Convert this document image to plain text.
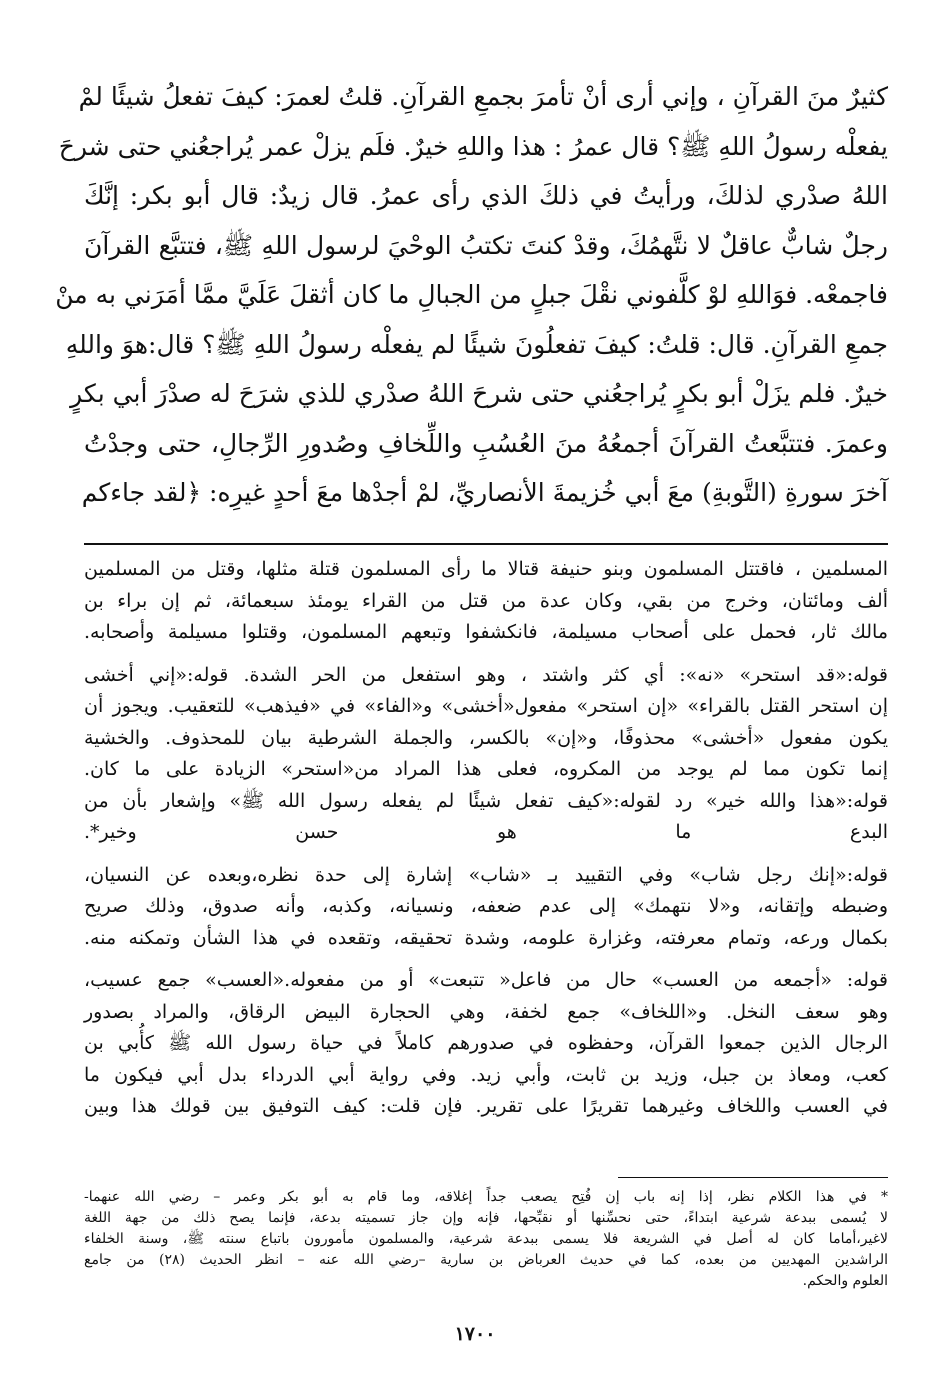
كثيرٌ منَ القرآنِ ، وإني أرى أنْ تأمرَ بجمعِ القرآنِ. قلتُ لعمرَ: كيفَ تفعلُ شيئًا لمْ
يفعلْه رسولُ اللهِ ﷺ؟ قال عمرُ : هذا واللهِ خيرٌ. فلَم يزلْ عمر يُراجعُني حتى شرحَ
اللهُ صدْري لذلكَ، ورأيتُ في ذلكَ الذي رأى عمرُ. قال زيدٌ: قال أبو بكر: إنَّكَ
رجلٌ شابٌّ عاقلٌ لا نتَّهمُكَ، وقدْ كنتَ تكتبُ الوحْيَ لرسول اللهِ ﷺ، فتتبَّع القرآنَ
فاجمعْه. فوَاللهِ لوْ كلَّفوني نقْلَ جبلٍ من الجبالِ ما كان أثقلَ عَلَيَّ ممَّا أمَرَني به منْ
جمعِ القرآنِ. قال: قلتُ: كيفَ تفعلُونَ شيئًا لم يفعلْه رسولُ اللهِ ﷺ؟ قال:هوَ واللهِ
خيرٌ. فلم يزَلْ أبو بكرٍ يُراجعُني حتى شرحَ اللهُ صدْري للذي شرَحَ له صدْرَ أبي بكرٍ
وعمرَ. فتتبَّعتُ القرآنَ أجمعُهُ منَ العُسُبِ واللِّخافِ وصُدورِ الرِّجالِ، حتى وجدْتُ
آخرَ سورةِ (التَّوبةِ) معَ أبي خُزيمةَ الأنصاريِّ، لمْ أجدْها معَ أحدٍ غيرِه: ﴿لقد جاءكم

المسلمين ، فاقتتل المسلمون وبنو حنيفة قتالا ما رأى المسلمون قتلة مثلها، وقتل من المسلمين
ألف ومائتان، وخرج من بقي، وكان عدة من قتل من القراء يومئذ سبعمائة، ثم إن براء بن
مالك ثار، فحمل على أصحاب مسيلمة، فانكشفوا وتبعهم المسلمون، وقتلوا مسيلمة وأصحابه.

قوله:«قد استحر» «نه»: أي كثر واشتد ، وهو استفعل من الحر الشدة. قوله:«إني أخشى
إن استحر القتل بالقراء» «إن استحر» مفعول«أخشى» و«الفاء» في «فيذهب» للتعقيب. ويجوز أن
يكون مفعول «أخشى» محذوفًا، و«إن» بالكسر، والجملة الشرطية بيان للمحذوف. والخشية
إنما تكون مما لم يوجد من المكروه، فعلى هذا المراد من«استحر» الزيادة على ما كان.
قوله:«هذا والله خير» رد لقوله:«كيف تفعل شيئًا لم يفعله رسول الله ﷺ» وإشعار بأن من
البدع ما هو حسن وخير*.

قوله:«إنك رجل شاب» وفي التقييد بـ «شاب» إشارة إلى حدة نظره،وبعده عن النسيان،
وضبطه وإتقانه، و«لا نتهمك» إلى عدم ضعفه، ونسيانه، وكذبه، وأنه صدوق، وذلك صريح
بكمال ورعه، وتمام معرفته، وغزارة علومه، وشدة تحقيقه، وتقعده في هذا الشأن وتمكنه منه.

قوله: «أجمعه من العسب» حال من فاعل« تتبعت» أو من مفعوله.«العسب» جمع عسيب،
وهو سعف النخل. و«اللخاف» جمع لخفة، وهي الحجارة البيض الرقاق، والمراد بصدور
الرجال الذين جمعوا القرآن، وحفظوه في صدورهم كاملاً في حياة رسول الله ﷺ كأُبي بن
كعب، ومعاذ بن جبل، وزيد بن ثابت، وأبي زيد. وفي رواية أبي الدرداء بدل أبي فيكون ما
في العسب واللخاف وغيرهما تقريرًا على تقرير. فإن قلت: كيف التوفيق بين قولك هذا وبين

* في هذا الكلام نظر، إذا إنه باب إن فُتِح يصعب جداً إغلاقه، وما قام به أبو بكر وعمر – رضي الله عنهما-
لا يُسمى ببدعة شرعية ابتداءً، حتى نحسِّنها أو نقبِّحها، فإنه وإن جاز تسميته بدعة، فإنما يصح ذلك من جهة اللغة
لاغير،أماما كان له أصل في الشريعة فلا يسمى ببدعة شرعية، والمسلمون مأمورون باتباع سنته ﷺ، وسنة الخلفاء
الراشدين المهديين من بعده، كما في حديث العرباض بن سارية –رضي الله عنه – انظر الحديث (٢٨) من جامع
العلوم والحكم.
١٧٠٠
